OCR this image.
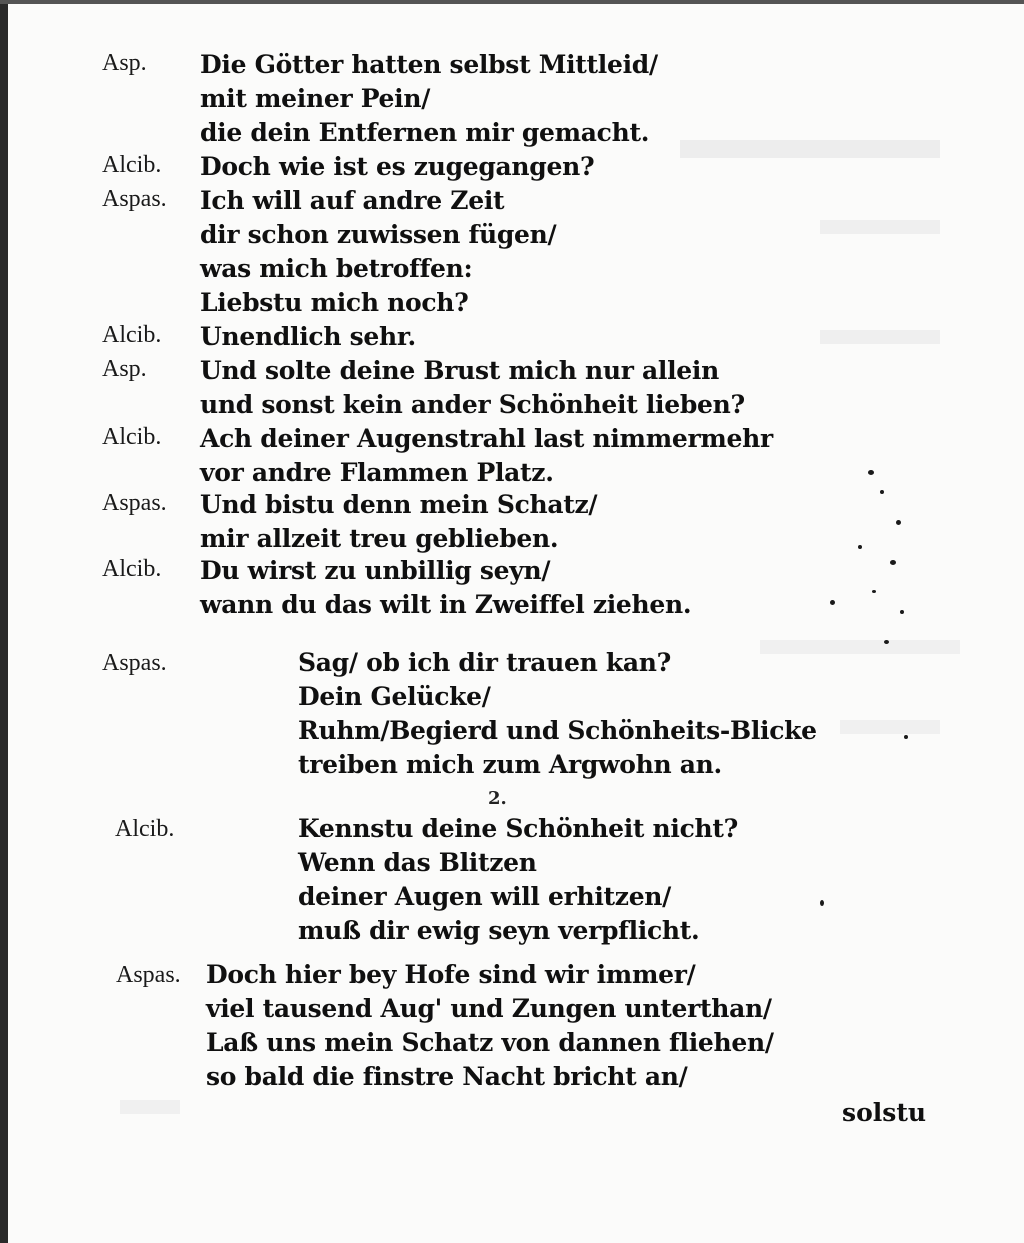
Asp. Die Götter hatten selbst Mittleid/
mit meiner Pein/
die dein Entfernen mir gemacht.
Alcib. Doch wie ist es zugegangen?
Aspas. Ich will auf andre Zeit
dir schon zuwissen fügen/
was mich betroffen:
Liebstu mich noch?
Alcib. Unendlich sehr.
Asp. Und solte deine Brust mich nur allein
und sonst kein ander Schönheit lieben?
Alcib. Ach deiner Augenstrahl last nimmermehr
vor andre Flammen Platz.
Aspas. Und bistu denn mein Schatz/
mir allzeit treu geblieben.
Alcib. Du wirst zu unbillig seyn/
wann du das wilt in Zweiffel ziehen.
Aspas.	Sag/ ob ich dir trauen kan?
Dein Gelücke/
Ruhm/Begierd und Schönheits-Blicke
treiben mich zum Argwohn an.
2.
Alcib.	Kennstu deine Schönheit nicht?
Wenn das Blitzen
deiner Augen will erhitzen/
muß dir ewig seyn verpflicht.
Aspas. Doch hier bey Hofe sind wir immer/
viel tausend Aug' und Zungen unterthan/
Laß uns mein Schatz von dannen fliehen/
so bald die finstre Nacht bricht an/
solstu
